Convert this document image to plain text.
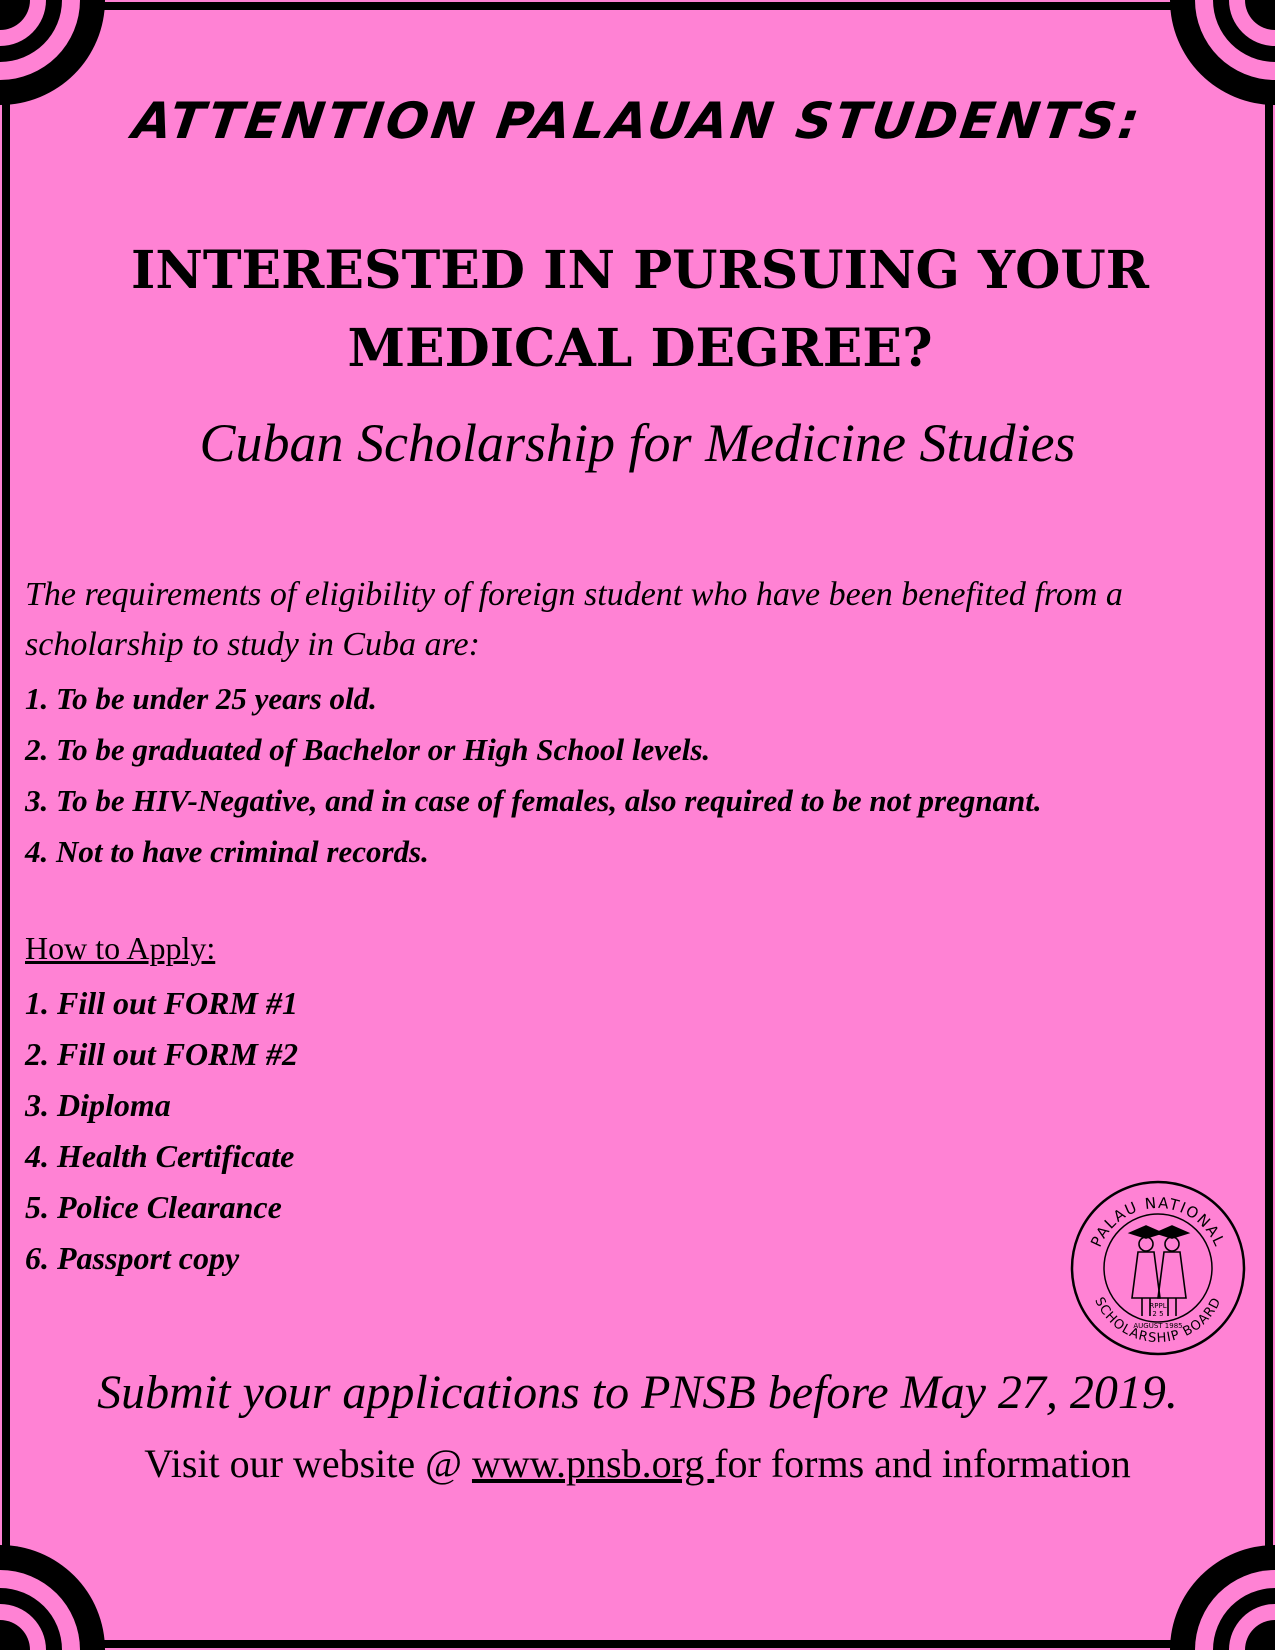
ATTENTION PALAUAN STUDENTS:
INTERESTED IN PURSUING YOUR MEDICAL DEGREE?
Cuban Scholarship for Medicine Studies
The requirements of eligibility of foreign student who have been benefited from a scholarship to study in Cuba are:
1. To be under 25 years old.
2. To be graduated of Bachelor or High School levels.
3. To be HIV-Negative, and in case of females, also required to be not pregnant.
4. Not to have criminal records.
How to Apply:
1. Fill out FORM #1
2. Fill out FORM #2
3. Diploma
4. Health Certificate
5. Police Clearance
6. Passport copy	PALAU NATIONAL
SCHOLARSHIP BOARD
RPPL
2 5
AUGUST 1985
Submit your applications to PNSB before May 27, 2019.
Visit our website @ www.pnsb.org for forms and information
